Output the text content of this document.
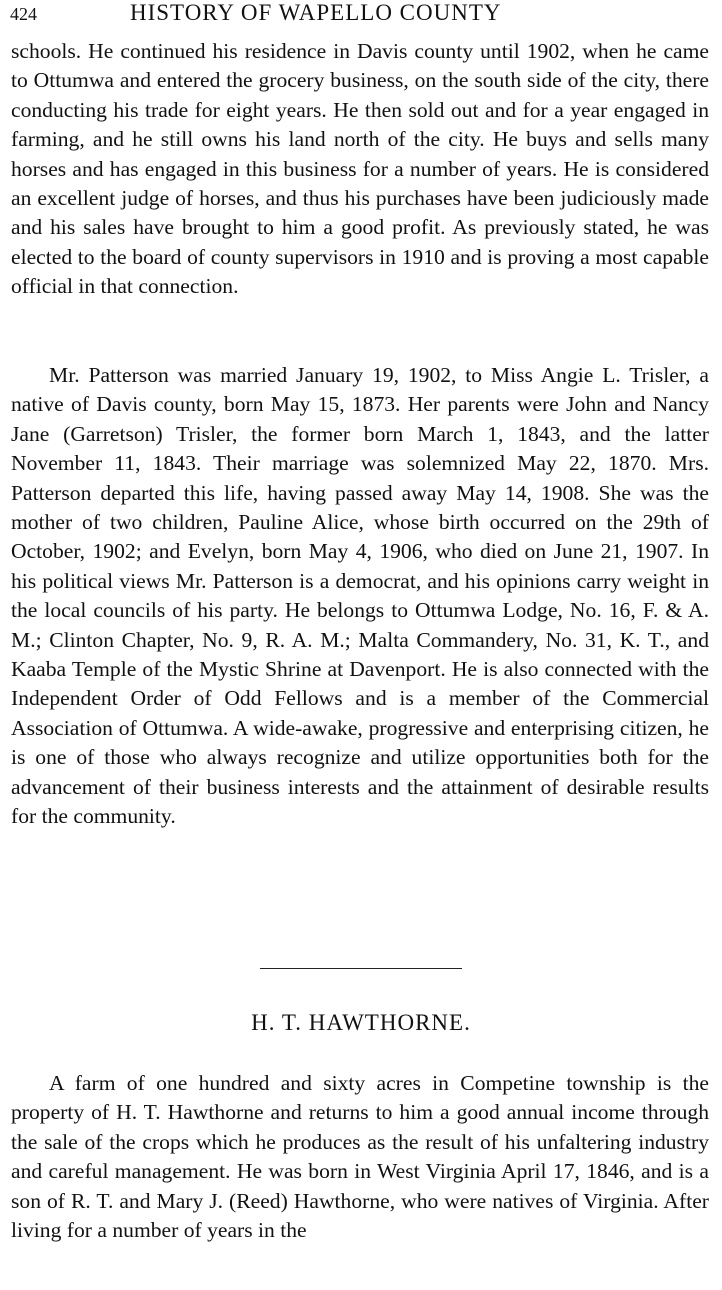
424	HISTORY OF WAPELLO COUNTY

schools. He continued his residence in Davis county until 1902, when he came to Ottumwa and entered the grocery business, on the south side of the city, there conducting his trade for eight years. He then sold out and for a year engaged in farming, and he still owns his land north of the city. He buys and sells many horses and has engaged in this business for a number of years. He is considered an excellent judge of horses, and thus his purchases have been judiciously made and his sales have brought to him a good profit. As previously stated, he was elected to the board of county supervisors in 1910 and is proving a most capable official in that connection.

Mr. Patterson was married January 19, 1902, to Miss Angie L. Trisler, a native of Davis county, born May 15, 1873. Her parents were John and Nancy Jane (Garretson) Trisler, the former born March 1, 1843, and the latter November 11, 1843. Their marriage was solemnized May 22, 1870. Mrs. Patterson departed this life, having passed away May 14, 1908. She was the mother of two children, Pauline Alice, whose birth occurred on the 29th of October, 1902; and Evelyn, born May 4, 1906, who died on June 21, 1907. In his political views Mr. Patterson is a democrat, and his opinions carry weight in the local councils of his party. He belongs to Ottumwa Lodge, No. 16, F. & A. M.; Clinton Chapter, No. 9, R. A. M.; Malta Commandery, No. 31, K. T., and Kaaba Temple of the Mystic Shrine at Davenport. He is also connected with the Independent Order of Odd Fellows and is a member of the Commercial Association of Ottumwa. A wide-awake, progressive and enterprising citizen, he is one of those who always recognize and utilize opportunities both for the advancement of their business interests and the attainment of desirable results for the community.

H. T. HAWTHORNE.

A farm of one hundred and sixty acres in Competine township is the property of H. T. Hawthorne and returns to him a good annual income through the sale of the crops which he produces as the result of his unfaltering industry and careful management. He was born in West Virginia April 17, 1846, and is a son of R. T. and Mary J. (Reed) Hawthorne, who were natives of Virginia. After living for a number of years in the
